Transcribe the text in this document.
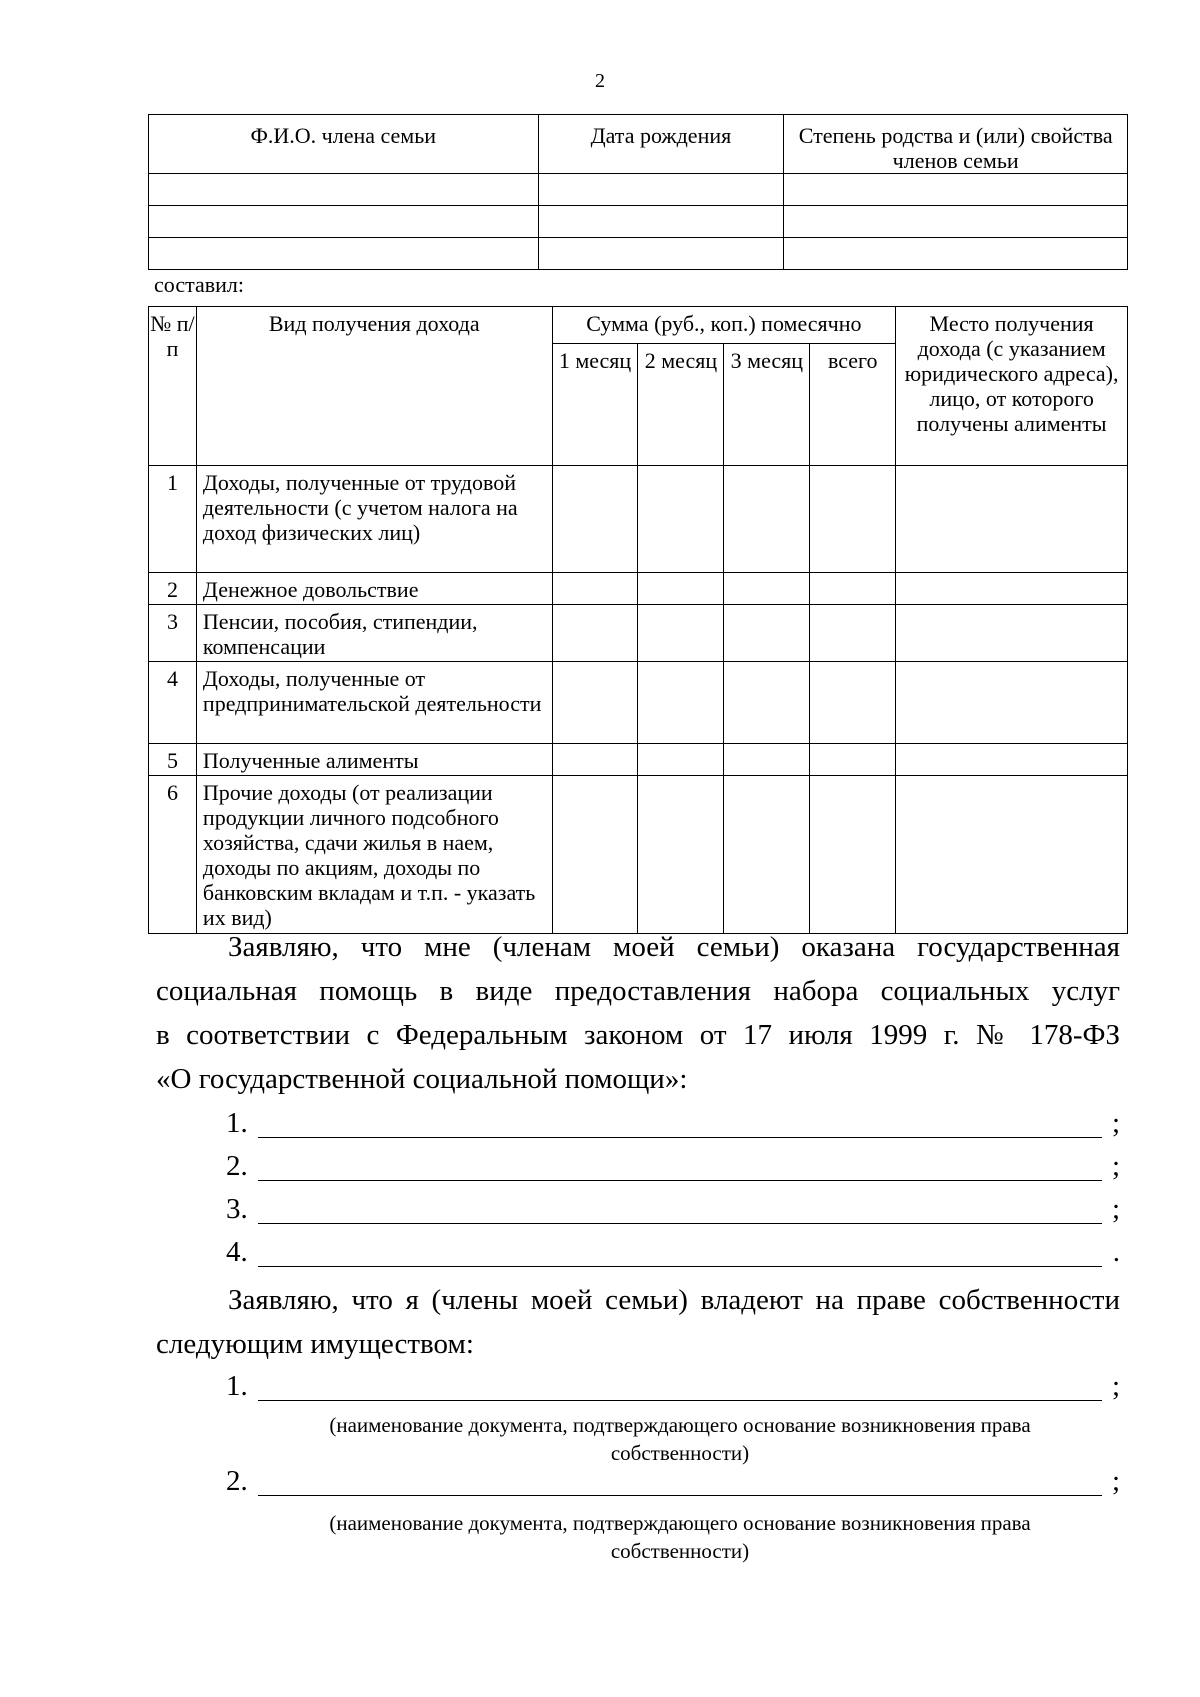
2
Ф.И.О. члена семьи	Дата рождения	Степень родства и (или) свойства членов семьи

составил:
№ п/п	Вид получения дохода	Сумма (руб., коп.) помесячно				Место получения дохода (с указанием юридического адреса), лицо, от которого получены алименты
		1 месяц	2 месяц	3 месяц	всего	
1	Доходы, полученные от трудовой деятельности (с учетом налога на доход физических лиц)					
2	Денежное довольствие					
3	Пенсии, пособия, стипендии, компенсации					
4	Доходы, полученные от предпринимательской деятельности					
5	Полученные алименты					
6	Прочие доходы (от реализации продукции личного подсобного хозяйства, сдачи жилья в наем, доходы по акциям, доходы по банковским вкладам и т.п. - указать их вид)					
Заявляю, что мне (членам моей семьи) оказана государственная
социальная помощь в виде предоставления набора социальных услуг
в соответствии с Федеральным законом от 17 июля 1999 г. № 178-ФЗ
«О государственной социальной помощи»:
1.	;
2.	;
3.	;
4.	.
Заявляю, что я (члены моей семьи) владеют на праве собственности
следующим имуществом:
1.	;
(наименование документа, подтверждающего основание возникновения права
собственности)
2.	;
(наименование документа, подтверждающего основание возникновения права
собственности)
